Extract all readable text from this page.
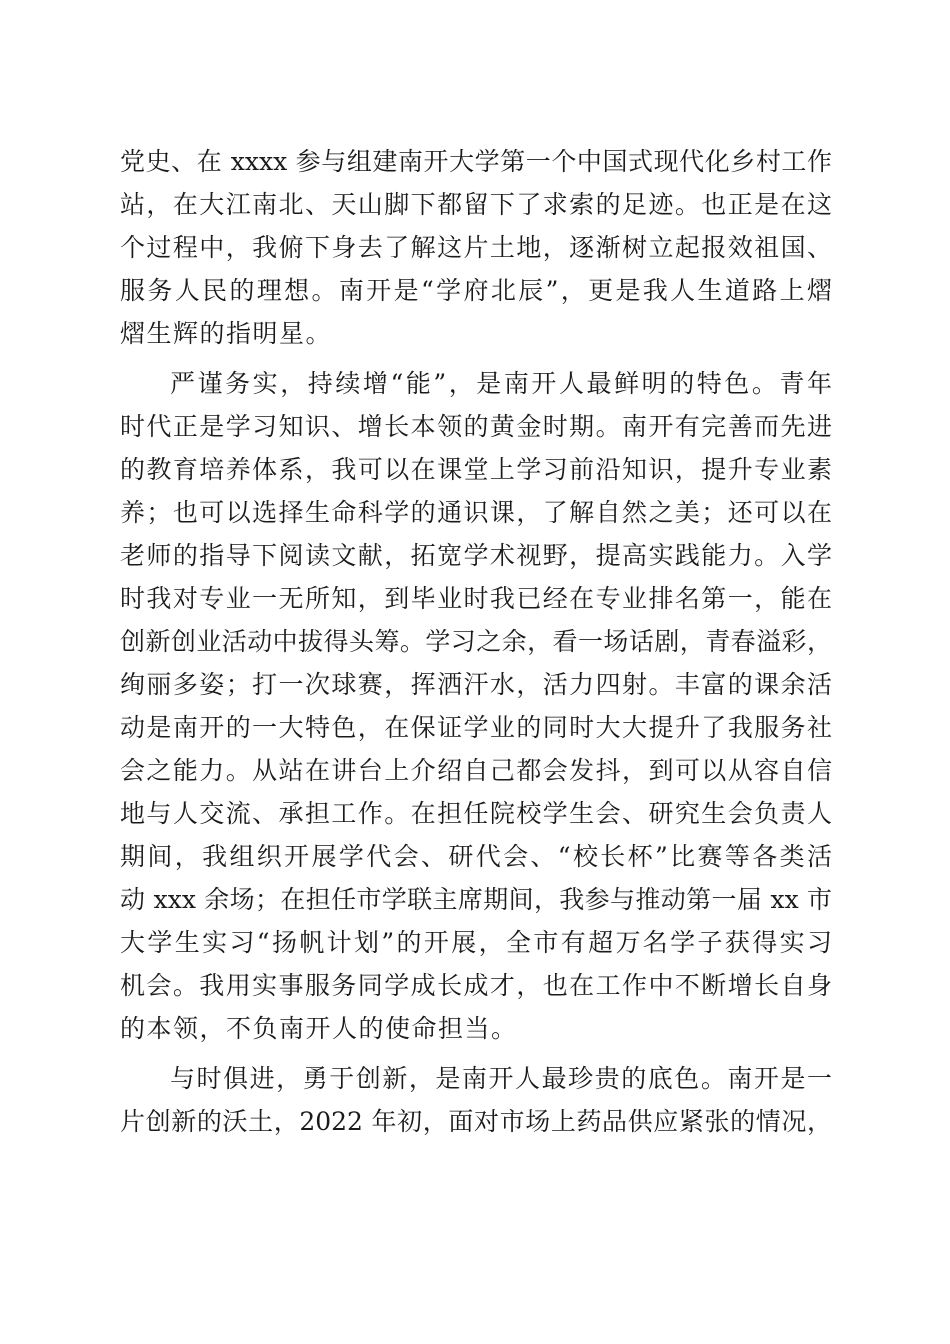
党史、在 xxxx 参与组建南开大学第一个中国式现代化乡村工作
站，在大江南北、天山脚下都留下了求索的足迹。也正是在这
个过程中，我俯下身去了解这片土地，逐渐树立起报效祖国、
服务人民的理想。南开是“学府北辰”，更是我人生道路上熠
熠生辉的指明星。
严谨务实，持续增“能”，是南开人最鲜明的特色。青年
时代正是学习知识、增长本领的黄金时期。南开有完善而先进
的教育培养体系，我可以在课堂上学习前沿知识，提升专业素
养；也可以选择生命科学的通识课，了解自然之美；还可以在
老师的指导下阅读文献，拓宽学术视野，提高实践能力。入学
时我对专业一无所知，到毕业时我已经在专业排名第一，能在
创新创业活动中拔得头筹。学习之余，看一场话剧，青春溢彩，
绚丽多姿；打一次球赛，挥洒汗水，活力四射。丰富的课余活
动是南开的一大特色，在保证学业的同时大大提升了我服务社
会之能力。从站在讲台上介绍自己都会发抖，到可以从容自信
地与人交流、承担工作。在担任院校学生会、研究生会负责人
期间，我组织开展学代会、研代会、“校长杯”比赛等各类活
动 xxx 余场；在担任市学联主席期间，我参与推动第一届 xx 市
大学生实习“扬帆计划”的开展，全市有超万名学子获得实习
机会。我用实事服务同学成长成才，也在工作中不断增长自身
的本领，不负南开人的使命担当。
与时俱进，勇于创新，是南开人最珍贵的底色。南开是一
片创新的沃土，2022 年初，面对市场上药品供应紧张的情况，
